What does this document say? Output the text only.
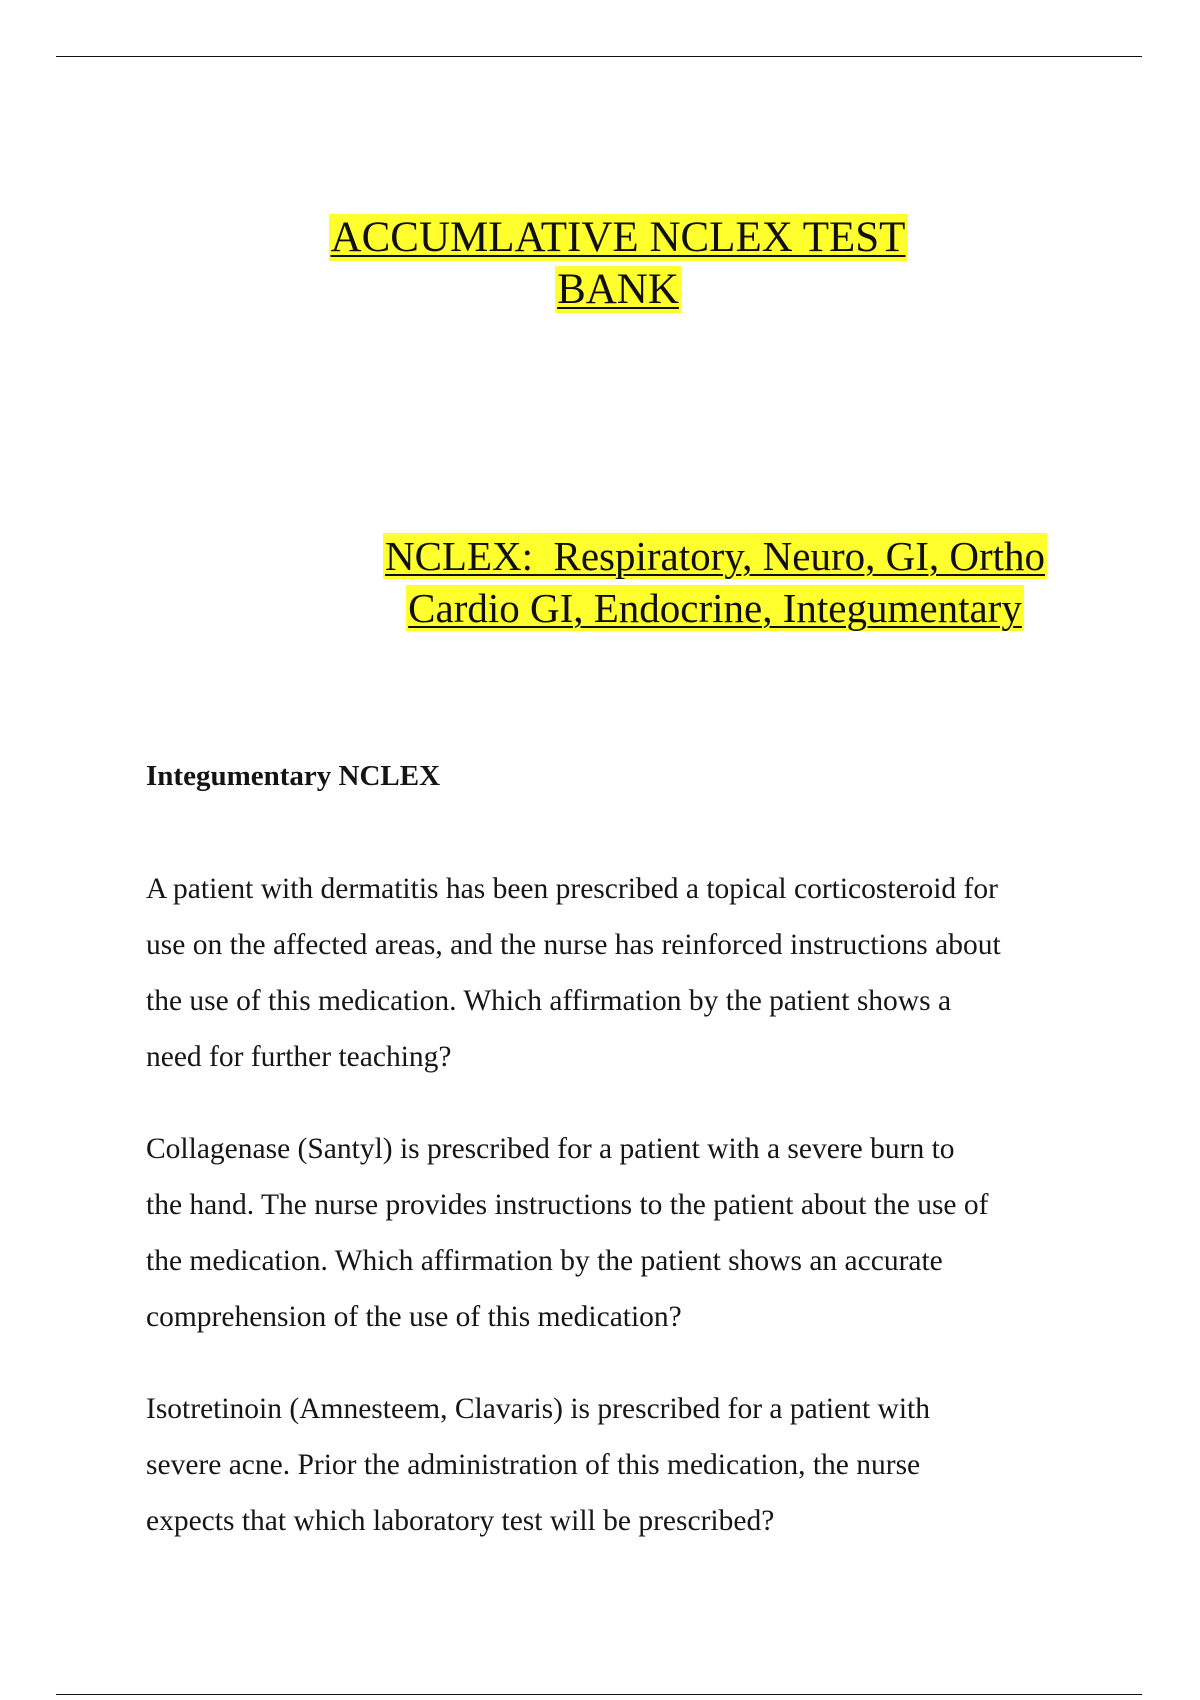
ACCUMLATIVE NCLEX TEST
BANK
NCLEX:  Respiratory, Neuro, GI, Ortho
Cardio GI, Endocrine, Integumentary
Integumentary NCLEX
A patient with dermatitis has been prescribed a topical corticosteroid for
use on the affected areas, and the nurse has reinforced instructions about
the use of this medication. Which affirmation by the patient shows a
need for further teaching?
Collagenase (Santyl) is prescribed for a patient with a severe burn to
the hand. The nurse provides instructions to the patient about the use of
the medication. Which affirmation by the patient shows an accurate
comprehension of the use of this medication?
Isotretinoin (Amnesteem, Clavaris) is prescribed for a patient with
severe acne. Prior the administration of this medication, the nurse
expects that which laboratory test will be prescribed?
